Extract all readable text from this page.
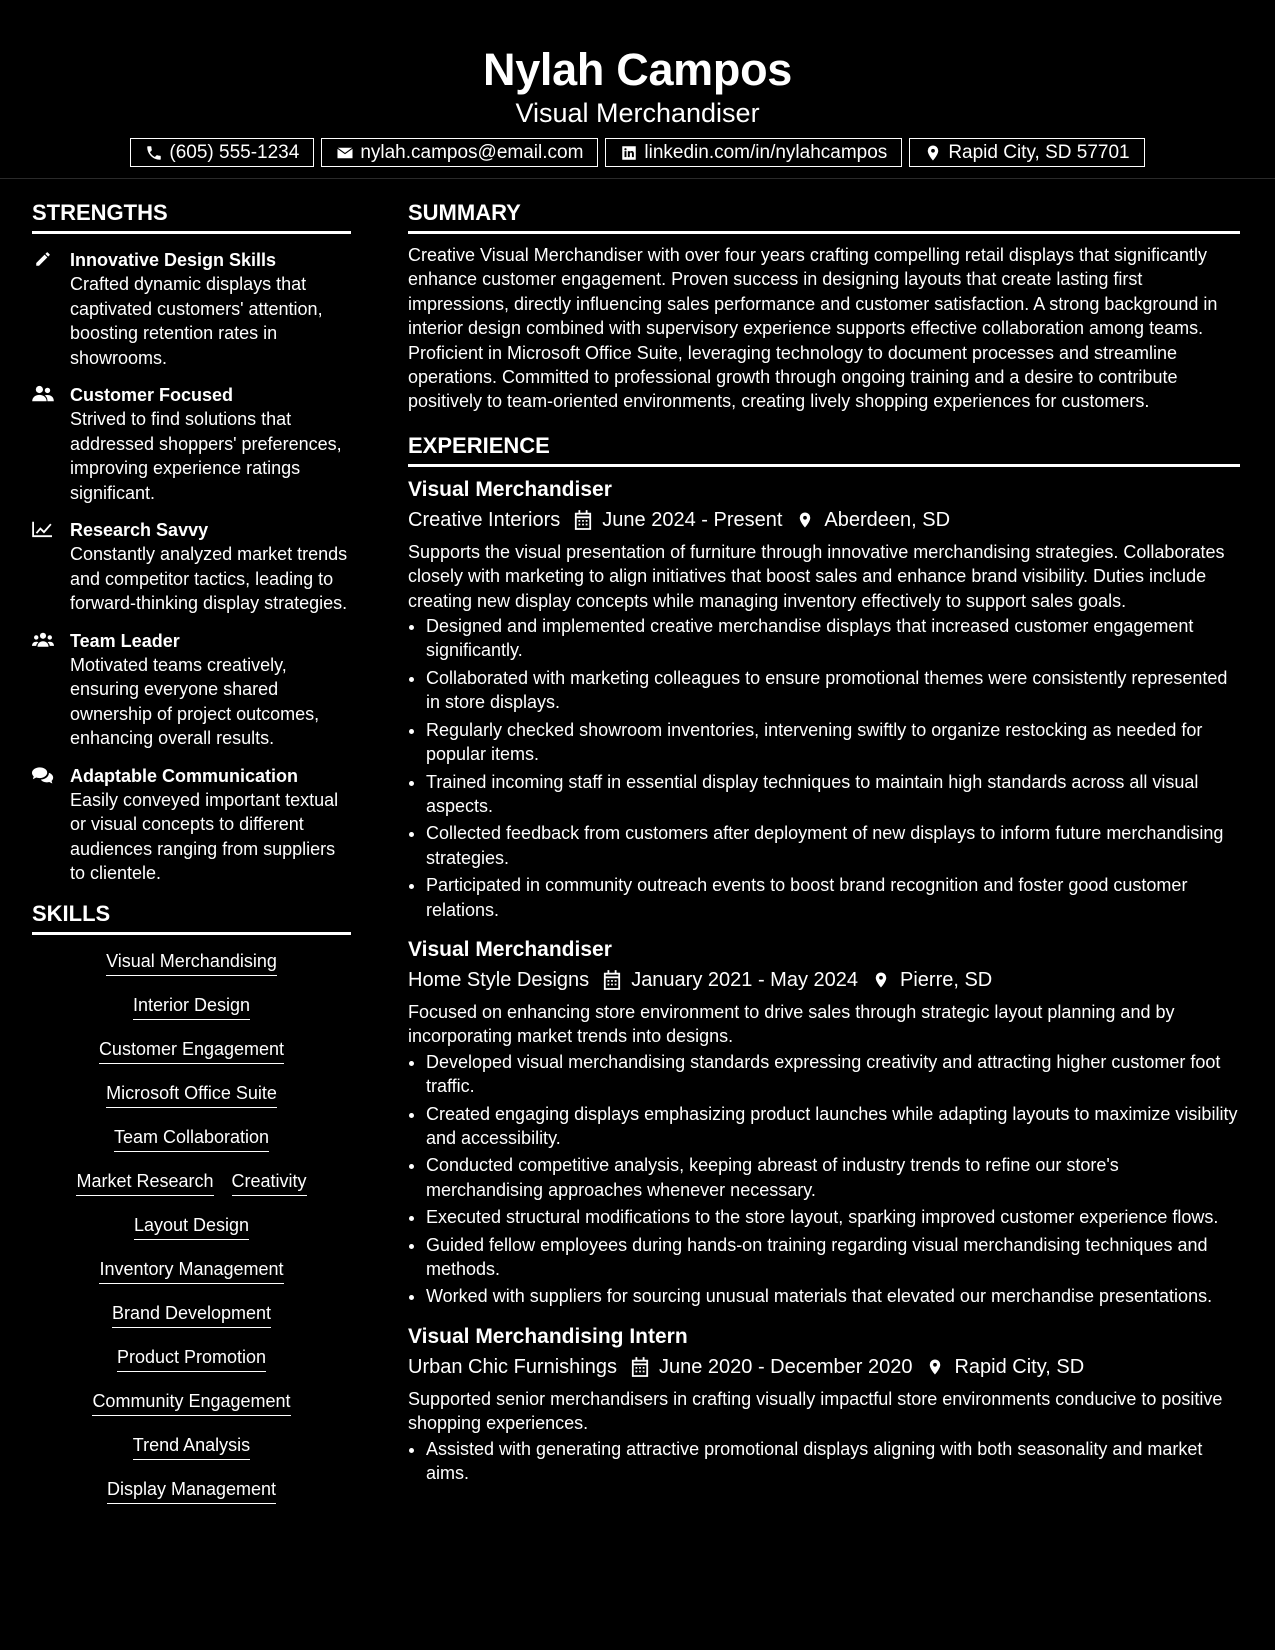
Nylah Campos
Visual Merchandiser
(605) 555-1234	nylah.campos@email.com	linkedin.com/in/nylahcampos	Rapid City, SD 57701
STRENGTHS
Innovative Design Skills
Crafted dynamic displays that captivated customers' attention, boosting retention rates in showrooms.
Customer Focused
Strived to find solutions that addressed shoppers' preferences, improving experience ratings significant.
Research Savvy
Constantly analyzed market trends and competitor tactics, leading to forward-thinking display strategies.
Team Leader
Motivated teams creatively, ensuring everyone shared ownership of project outcomes, enhancing overall results.
Adaptable Communication
Easily conveyed important textual or visual concepts to different audiences ranging from suppliers to clientele.
SKILLS
Visual Merchandising
Interior Design
Customer Engagement
Microsoft Office Suite
Team Collaboration
Market Research Creativity
Layout Design
Inventory Management
Brand Development
Product Promotion
Community Engagement
Trend Analysis
Display Management
SUMMARY
Creative Visual Merchandiser with over four years crafting compelling retail displays that significantly enhance customer engagement. Proven success in designing layouts that create lasting first impressions, directly influencing sales performance and customer satisfaction. A strong background in interior design combined with supervisory experience supports effective collaboration among teams. Proficient in Microsoft Office Suite, leveraging technology to document processes and streamline operations. Committed to professional growth through ongoing training and a desire to contribute positively to team-oriented environments, creating lively shopping experiences for customers.
EXPERIENCE
Visual Merchandiser
Creative Interiors June 2024 - Present Aberdeen, SD
Supports the visual presentation of furniture through innovative merchandising strategies. Collaborates closely with marketing to align initiatives that boost sales and enhance brand visibility. Duties include creating new display concepts while managing inventory effectively to support sales goals.
• Designed and implemented creative merchandise displays that increased customer engagement significantly.
• Collaborated with marketing colleagues to ensure promotional themes were consistently represented in store displays.
• Regularly checked showroom inventories, intervening swiftly to organize restocking as needed for popular items.
• Trained incoming staff in essential display techniques to maintain high standards across all visual aspects.
• Collected feedback from customers after deployment of new displays to inform future merchandising strategies.
• Participated in community outreach events to boost brand recognition and foster good customer relations.
Visual Merchandiser
Home Style Designs January 2021 - May 2024 Pierre, SD
Focused on enhancing store environment to drive sales through strategic layout planning and by incorporating market trends into designs.
• Developed visual merchandising standards expressing creativity and attracting higher customer foot traffic.
• Created engaging displays emphasizing product launches while adapting layouts to maximize visibility and accessibility.
• Conducted competitive analysis, keeping abreast of industry trends to refine our store's merchandising approaches whenever necessary.
• Executed structural modifications to the store layout, sparking improved customer experience flows.
• Guided fellow employees during hands-on training regarding visual merchandising techniques and methods.
• Worked with suppliers for sourcing unusual materials that elevated our merchandise presentations.
Visual Merchandising Intern
Urban Chic Furnishings June 2020 - December 2020 Rapid City, SD
Supported senior merchandisers in crafting visually impactful store environments conducive to positive shopping experiences.
• Assisted with generating attractive promotional displays aligning with both seasonality and market aims.
